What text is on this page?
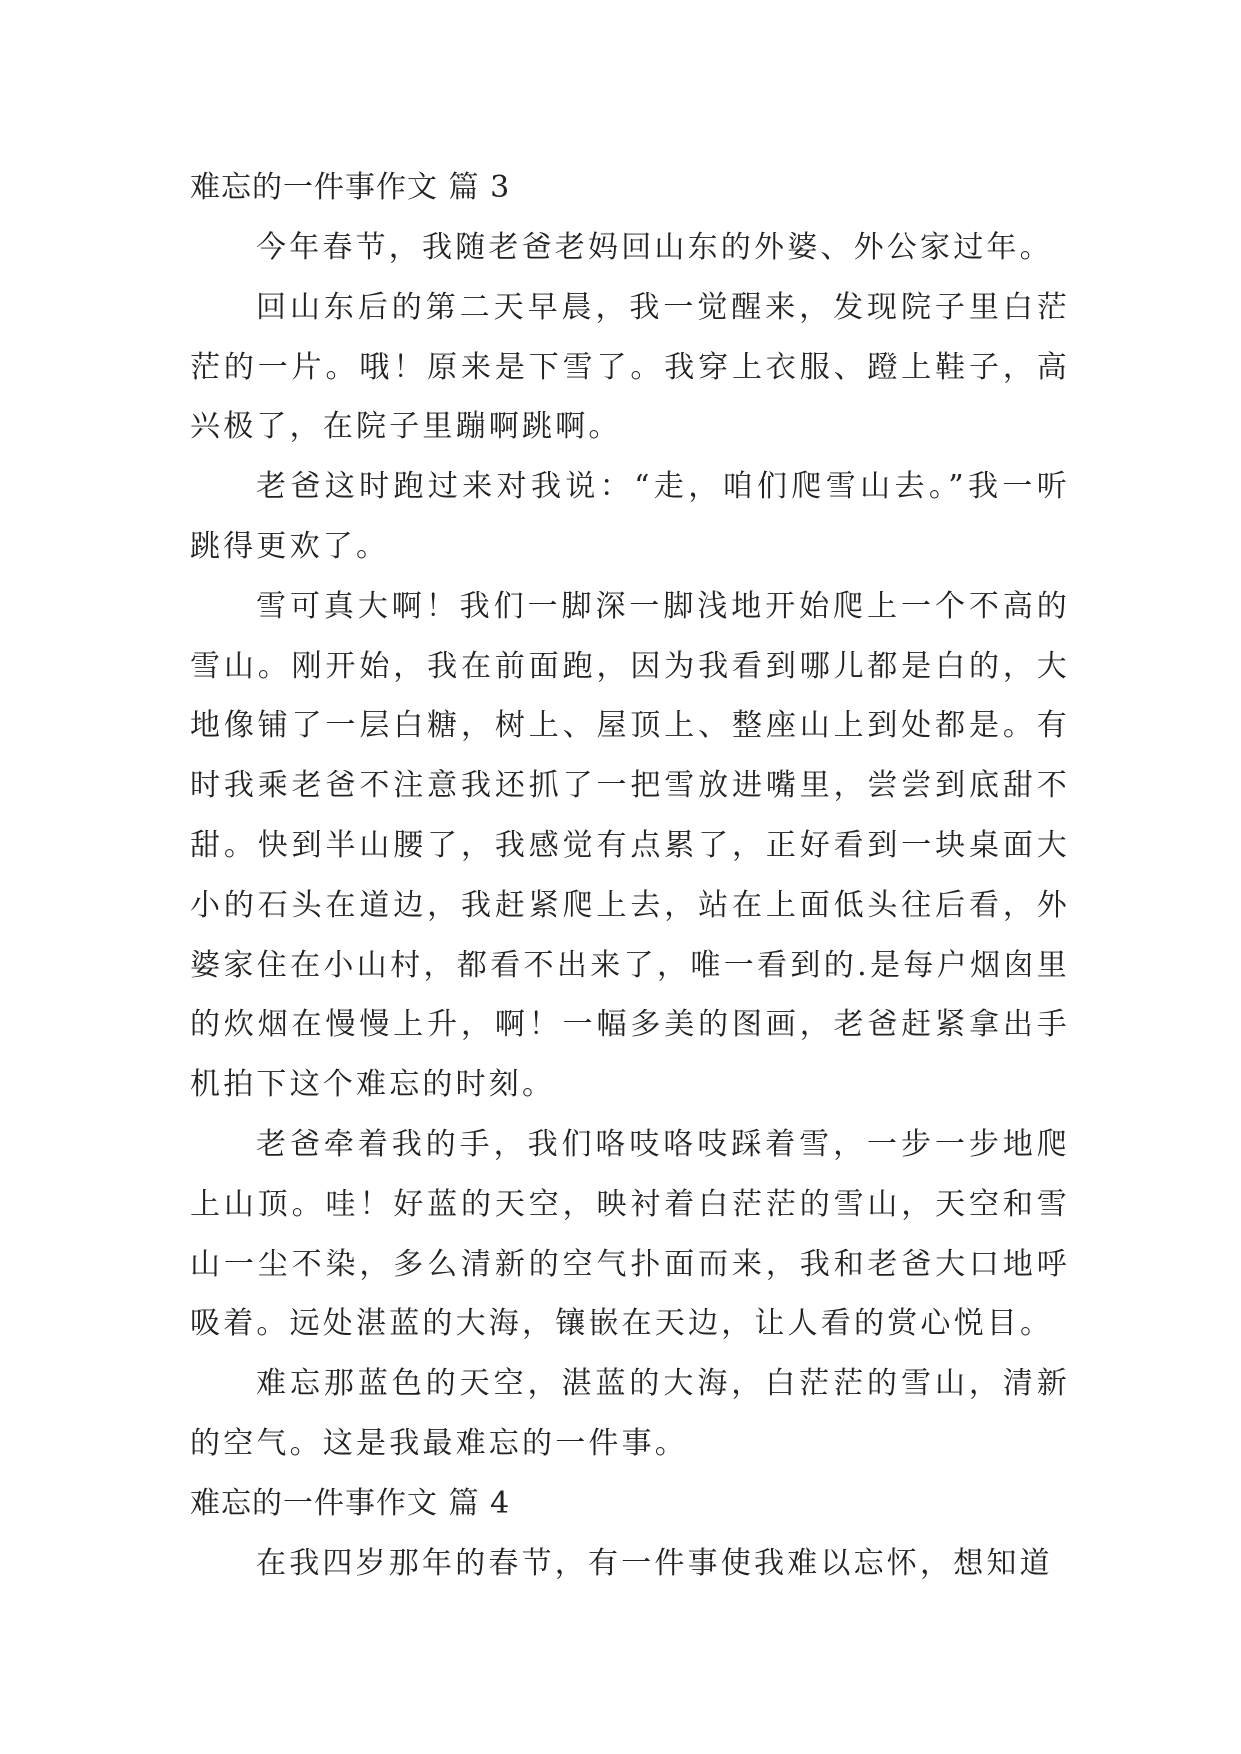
难忘的一件事作文 篇 3

今年春节，我随老爸老妈回山东的外婆、外公家过年。

回山东后的第二天早晨，我一觉醒来，发现院子里白茫茫的一片。哦！原来是下雪了。我穿上衣服、蹬上鞋子，高兴极了，在院子里蹦啊跳啊。

老爸这时跑过来对我说：“走，咱们爬雪山去。”我一听跳得更欢了。

雪可真大啊！我们一脚深一脚浅地开始爬上一个不高的雪山。刚开始，我在前面跑，因为我看到哪儿都是白的，大地像铺了一层白糖，树上、屋顶上、整座山上到处都是。有时我乘老爸不注意我还抓了一把雪放进嘴里，尝尝到底甜不甜。快到半山腰了，我感觉有点累了，正好看到一块桌面大小的石头在道边，我赶紧爬上去，站在上面低头往后看，外婆家住在小山村，都看不出来了，唯一看到的.是每户烟囱里的炊烟在慢慢上升，啊！一幅多美的图画，老爸赶紧拿出手机拍下这个难忘的时刻。

老爸牵着我的手，我们咯吱咯吱踩着雪，一步一步地爬上山顶。哇！好蓝的天空，映衬着白茫茫的雪山，天空和雪山一尘不染，多么清新的空气扑面而来，我和老爸大口地呼吸着。远处湛蓝的大海，镶嵌在天边，让人看的赏心悦目。

难忘那蓝色的天空，湛蓝的大海，白茫茫的雪山，清新的空气。这是我最难忘的一件事。

难忘的一件事作文 篇 4

在我四岁那年的春节，有一件事使我难以忘怀，想知道
